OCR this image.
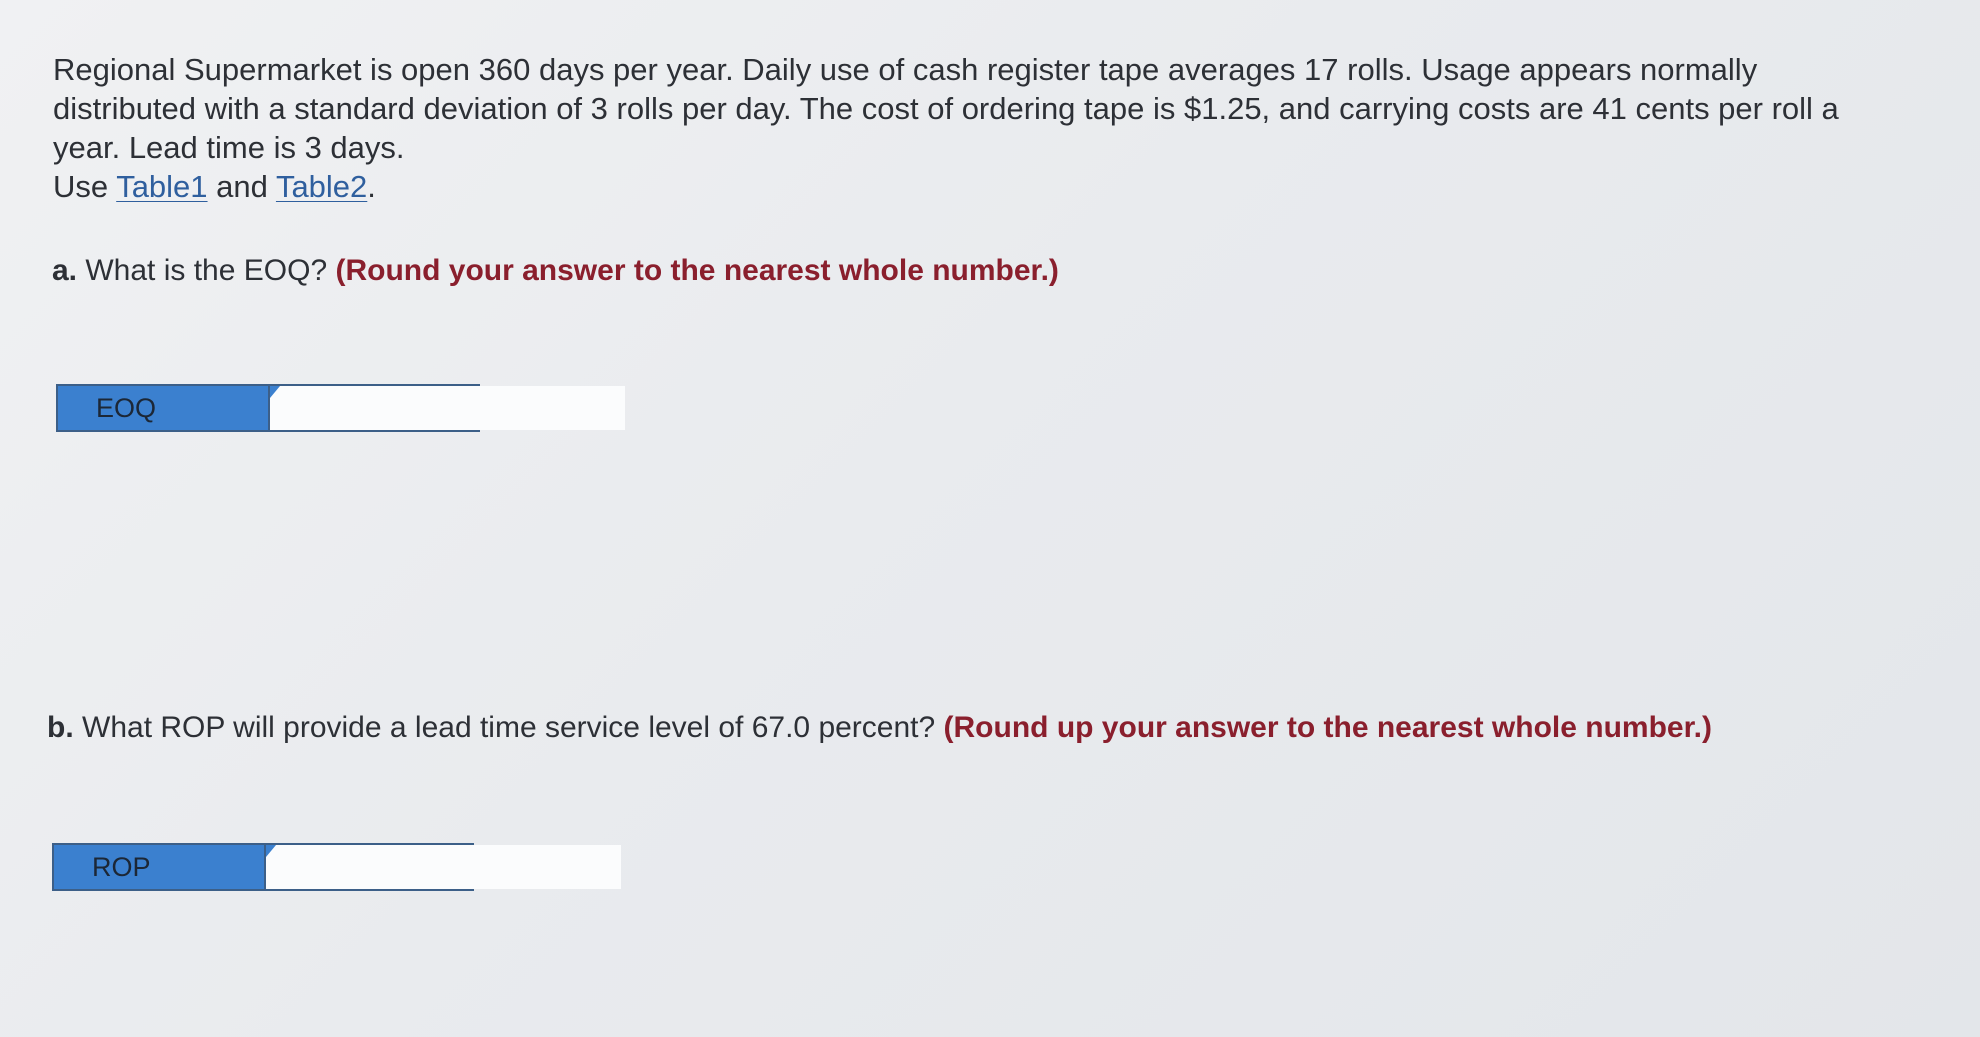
Regional Supermarket is open 360 days per year. Daily use of cash register tape averages 17 rolls. Usage appears normally distributed with a standard deviation of 3 rolls per day. The cost of ordering tape is $1.25, and carrying costs are 41 cents per roll a year. Lead time is 3 days.

Use Table1 and Table2.

a. What is the EOQ? (Round your answer to the nearest whole number.)
EOQ
b. What ROP will provide a lead time service level of 67.0 percent? (Round up your answer to the nearest whole number.)
ROP
